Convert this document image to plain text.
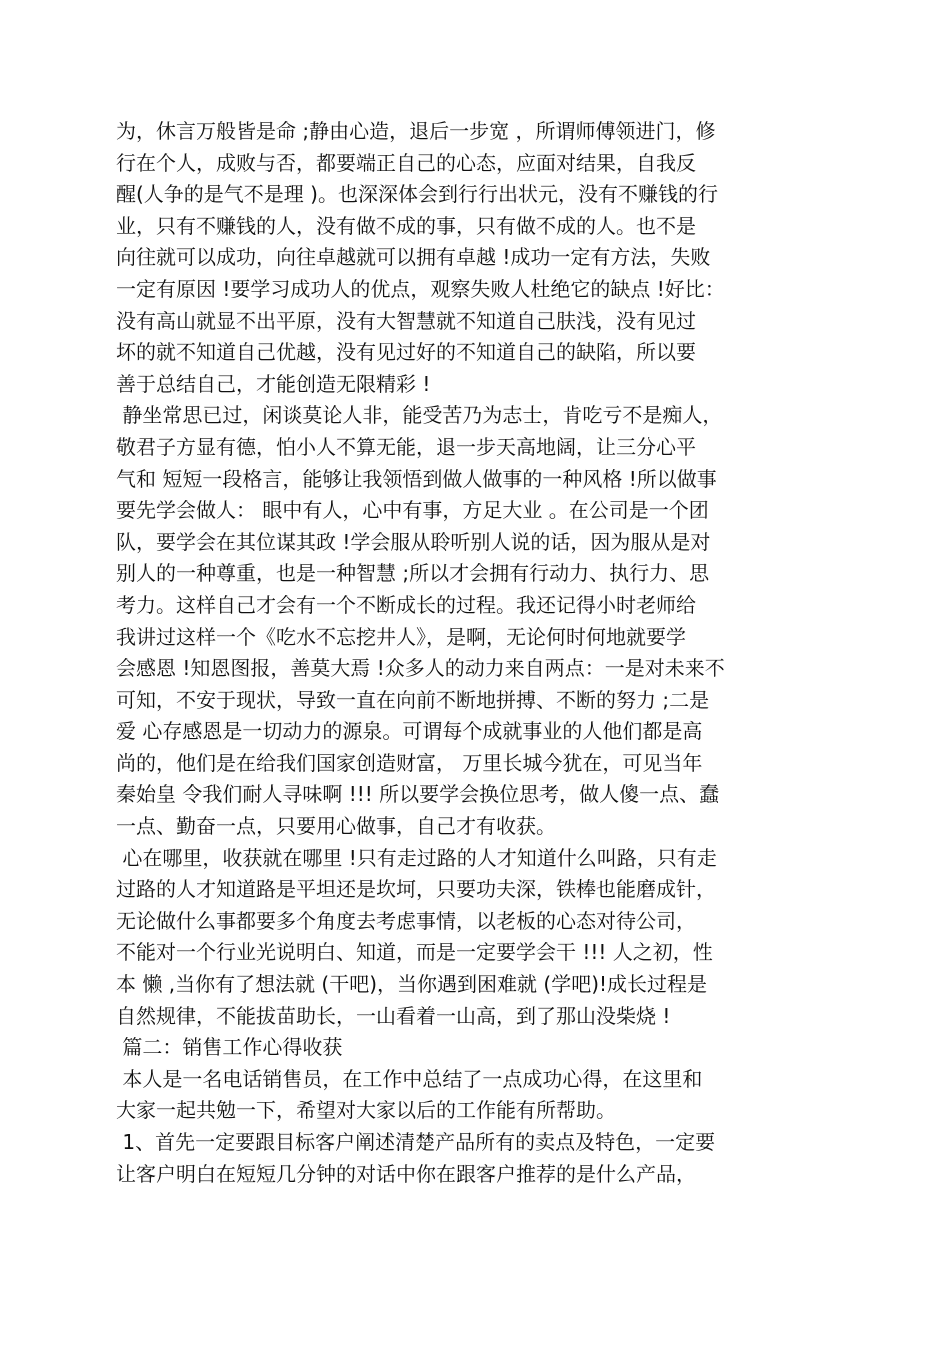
为，休言万般皆是命 ;静由心造，退后一步宽 ，所谓师傅领进门，修
行在个人，成败与否，都要端正自己的心态，应面对结果，自我反
醒(人争的是气不是理 )。也深深体会到行行出状元，没有不赚钱的行
业，只有不赚钱的人，没有做不成的事，只有做不成的人。也不是
向往就可以成功，向往卓越就可以拥有卓越 !成功一定有方法，失败
一定有原因 !要学习成功人的优点，观察失败人杜绝它的缺点 !好比：
没有高山就显不出平原，没有大智慧就不知道自己肤浅，没有见过
坏的就不知道自己优越，没有见过好的不知道自己的缺陷，所以要
善于总结自己，才能创造无限精彩 !
静坐常思已过，闲谈莫论人非，能受苦乃为志士，肯吃亏不是痴人，
敬君子方显有德，怕小人不算无能，退一步天高地阔，让三分心平
气和 短短一段格言，能够让我领悟到做人做事的一种风格 !所以做事
要先学会做人： 眼中有人，心中有事，方足大业 。在公司是一个团
队，要学会在其位谋其政 !学会服从聆听别人说的话，因为服从是对
别人的一种尊重，也是一种智慧 ;所以才会拥有行动力、执行力、思
考力。这样自己才会有一个不断成长的过程。我还记得小时老师给
我讲过这样一个《吃水不忘挖井人》，是啊，无论何时何地就要学
会感恩 !知恩图报，善莫大焉 !众多人的动力来自两点：一是对未来不
可知，不安于现状，导致一直在向前不断地拼搏、不断的努力 ;二是
爱 心存感恩是一切动力的源泉。可谓每个成就事业的人他们都是高
尚的，他们是在给我们国家创造财富， 万里长城今犹在，可见当年
秦始皇 令我们耐人寻味啊 !!! 所以要学会换位思考，做人傻一点、蠢
一点、勤奋一点，只要用心做事，自己才有收获。
心在哪里，收获就在哪里 !只有走过路的人才知道什么叫路，只有走
过路的人才知道路是平坦还是坎坷，只要功夫深，铁棒也能磨成针，
无论做什么事都要多个角度去考虑事情，以老板的心态对待公司，
不能对一个行业光说明白、知道，而是一定要学会干 !!! 人之初，性
本 懒 ,当你有了想法就 (干吧)，当你遇到困难就 (学吧)!成长过程是
自然规律，不能拔苗助长，一山看着一山高，到了那山没柴烧 !
篇二：销售工作心得收获
本人是一名电话销售员，在工作中总结了一点成功心得，在这里和
大家一起共勉一下，希望对大家以后的工作能有所帮助。
1、首先一定要跟目标客户阐述清楚产品所有的卖点及特色，一定要
让客户明白在短短几分钟的对话中你在跟客户推荐的是什么产品，
